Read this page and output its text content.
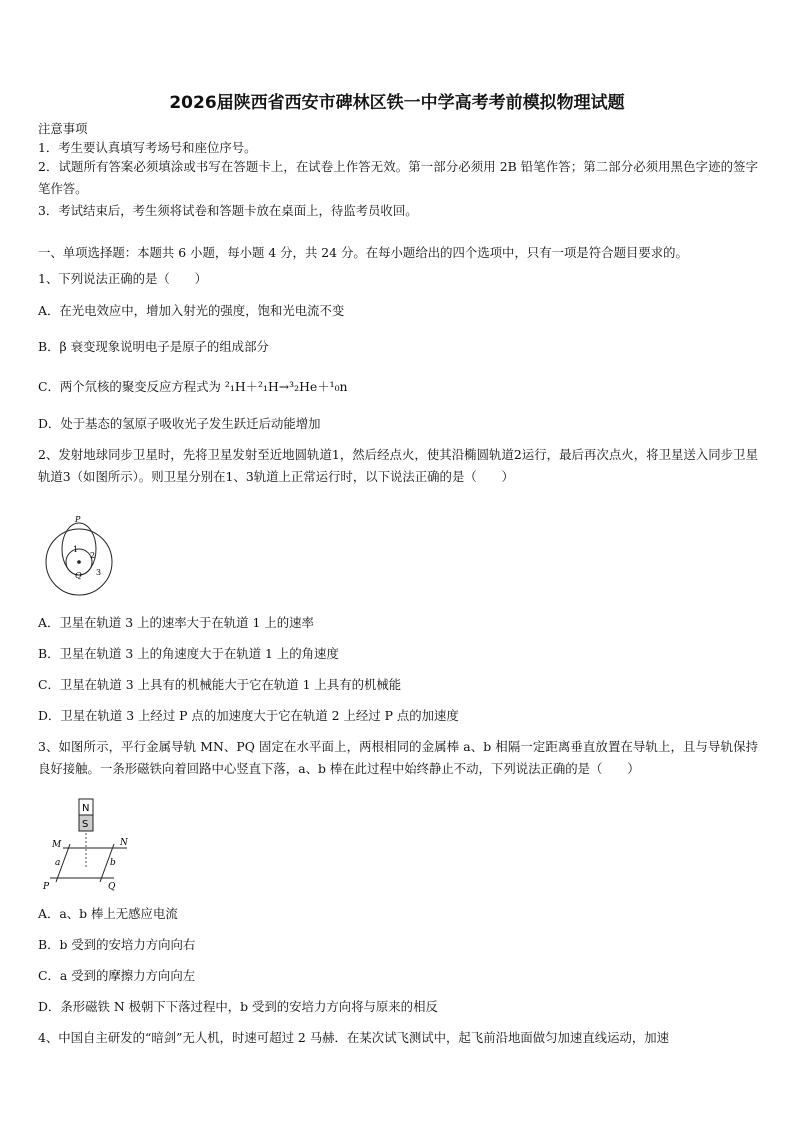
2026届陕西省西安市碑林区铁一中学高考考前模拟物理试题
注意事项
1．考生要认真填写考场号和座位序号。
2．试题所有答案必须填涂或书写在答题卡上，在试卷上作答无效。第一部分必须用 2B 铅笔作答；第二部分必须用黑色字迹的签字笔作答。
3．考试结束后，考生须将试卷和答题卡放在桌面上，待监考员收回。
一、单项选择题：本题共 6 小题，每小题 4 分，共 24 分。在每小题给出的四个选项中，只有一项是符合题目要求的。
1、下列说法正确的是（　　）
A．在光电效应中，增加入射光的强度，饱和光电流不变
B．β 衰变现象说明电子是原子的组成部分
C．两个氘核的聚变反应方程式为 ²₁H＋²₁H→³₂He＋¹₀n
D．处于基态的氢原子吸收光子发生跃迁后动能增加
2、发射地球同步卫星时，先将卫星发射至近地圆轨道1，然后经点火，使其沿椭圆轨道2运行，最后再次点火，将卫星送入同步卫星轨道3（如图所示）。则卫星分别在1、3轨道上正常运行时，以下说法正确的是（　　）
P
1
2
Q 3
A．卫星在轨道 3 上的速率大于在轨道 1 上的速率
B．卫星在轨道 3 上的角速度大于在轨道 1 上的角速度
C．卫星在轨道 3 上具有的机械能大于它在轨道 1 上具有的机械能
D．卫星在轨道 3 上经过 P 点的加速度大于它在轨道 2 上经过 P 点的加速度
3、如图所示，平行金属导轨 MN、PQ 固定在水平面上，两根相同的金属棒 a、b 相隔一定距离垂直放置在导轨上，且与导轨保持良好接触。一条形磁铁向着回路中心竖直下落，a、b 棒在此过程中始终静止不动，下列说法正确的是（　　）
N
S
M	N
a	b
P	Q
A．a、b 棒上无感应电流
B．b 受到的安培力方向向右
C．a 受到的摩擦力方向向左
D．条形磁铁 N 极朝下下落过程中，b 受到的安培力方向将与原来的相反
4、中国自主研发的“暗剑”无人机，时速可超过 2 马赫．在某次试飞测试中，起飞前沿地面做匀加速直线运动，加速
